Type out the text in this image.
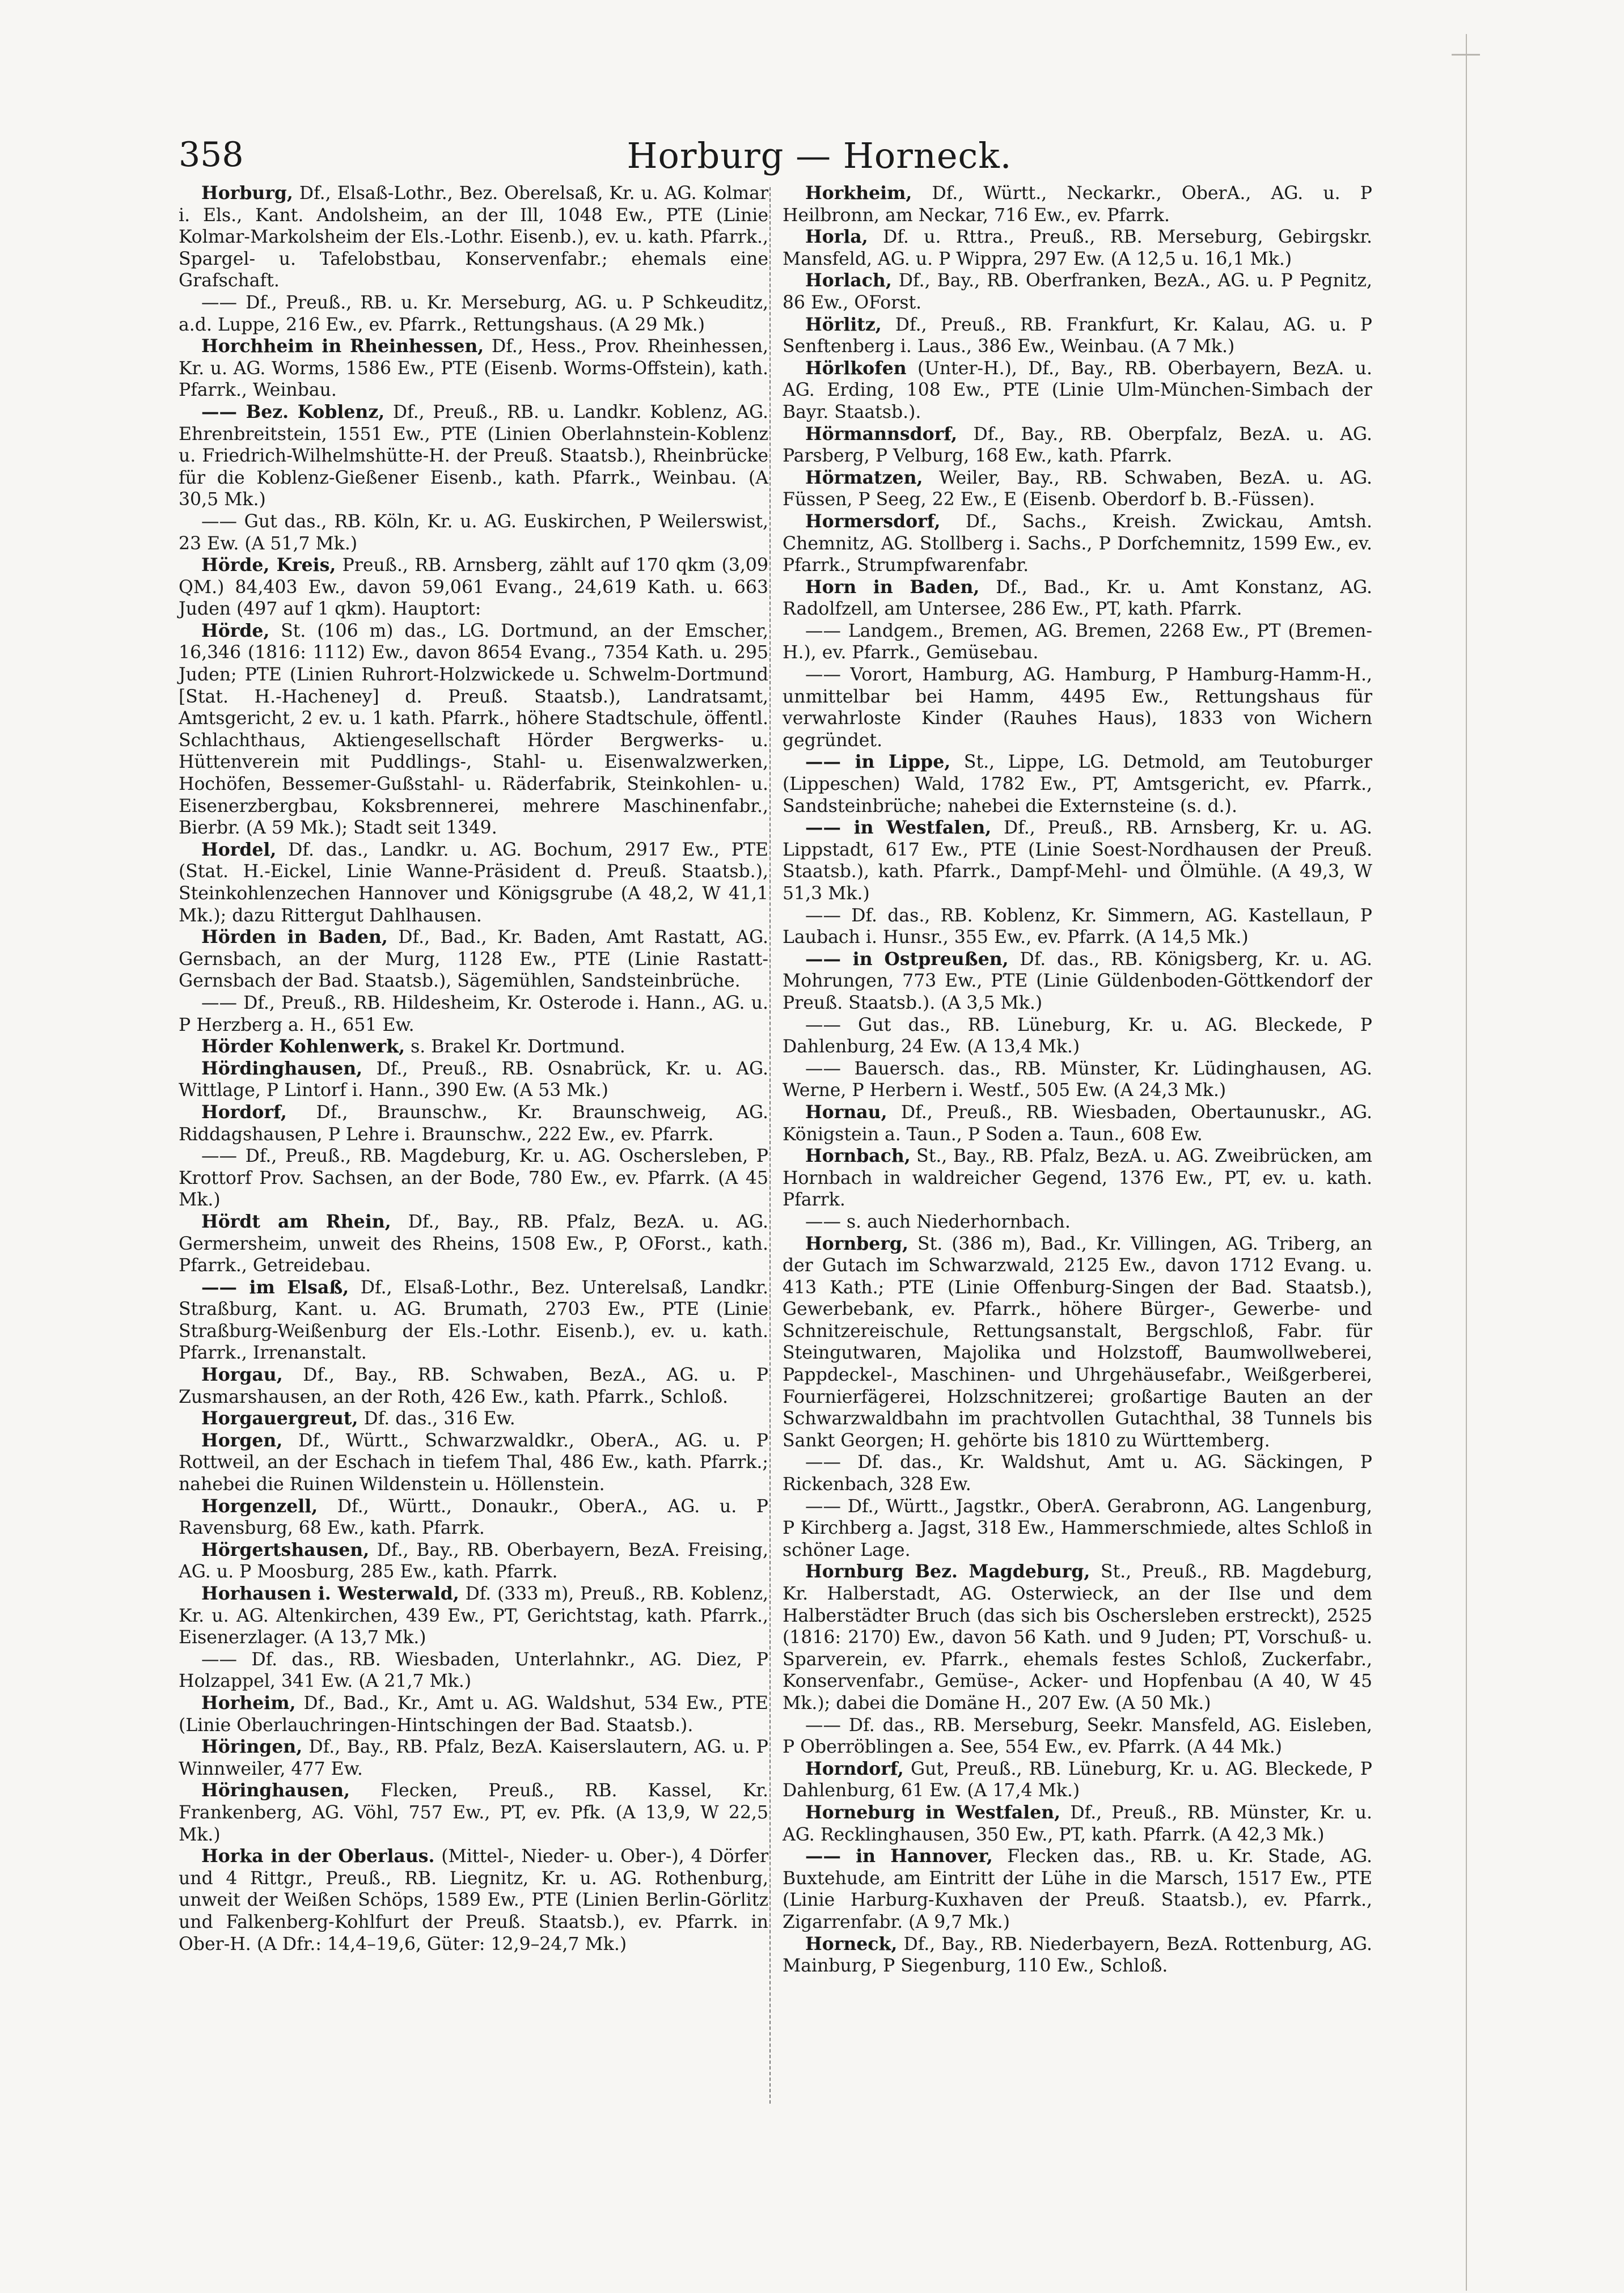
358	Horburg — Horneck.

Horburg, Df., Elsaß-Lothr., Bez. Oberelsaß, Kr. u. AG. Kolmar i. Els., Kant. Andolsheim, an der Ill, 1048 Ew., PTE (Linie Kolmar-Markolsheim der Els.-Lothr. Eisenb.), ev. u. kath. Pfarrk., Spargel- u. Tafelobstbau, Konservenfabr.; ehemals eine Grafschaft.

—— Df., Preuß., RB. u. Kr. Merseburg, AG. u. P Schkeuditz, a.d. Luppe, 216 Ew., ev. Pfarrk., Rettungshaus. (A 29 Mk.)

Horchheim in Rheinhessen, Df., Hess., Prov. Rheinhessen, Kr. u. AG. Worms, 1586 Ew., PTE (Eisenb. Worms-Offstein), kath. Pfarrk., Weinbau.

—— Bez. Koblenz, Df., Preuß., RB. u. Landkr. Koblenz, AG. Ehrenbreitstein, 1551 Ew., PTE (Linien Oberlahnstein-Koblenz u. Friedrich-Wilhelmshütte-H. der Preuß. Staatsb.), Rheinbrücke für die Koblenz-Gießener Eisenb., kath. Pfarrk., Weinbau. (A 30,5 Mk.)

—— Gut das., RB. Köln, Kr. u. AG. Euskirchen, P Weilerswist, 23 Ew. (A 51,7 Mk.)

Hörde, Kreis, Preuß., RB. Arnsberg, zählt auf 170 qkm (3,09 QM.) 84,403 Ew., davon 59,061 Evang., 24,619 Kath. u. 663 Juden (497 auf 1 qkm). Hauptort:

Hörde, St. (106 m) das., LG. Dortmund, an der Emscher, 16,346 (1816: 1112) Ew., davon 8654 Evang., 7354 Kath. u. 295 Juden; PTE (Linien Ruhrort-Holzwickede u. Schwelm-Dortmund [Stat. H.-Hacheney] d. Preuß. Staatsb.), Landratsamt, Amtsgericht, 2 ev. u. 1 kath. Pfarrk., höhere Stadtschule, öffentl. Schlachthaus, Aktiengesellschaft Hörder Bergwerks- u. Hüttenverein mit Puddlings-, Stahl- u. Eisenwalzwerken, Hochöfen, Bessemer-Gußstahl- u. Räderfabrik, Steinkohlen- u. Eisenerzbergbau, Koksbrennerei, mehrere Maschinenfabr., Bierbr. (A 59 Mk.); Stadt seit 1349.

Hordel, Df. das., Landkr. u. AG. Bochum, 2917 Ew., PTE (Stat. H.-Eickel, Linie Wanne-Präsident d. Preuß. Staatsb.), Steinkohlenzechen Hannover und Königsgrube (A 48,2, W 41,1 Mk.); dazu Rittergut Dahlhausen.

Hörden in Baden, Df., Bad., Kr. Baden, Amt Rastatt, AG. Gernsbach, an der Murg, 1128 Ew., PTE (Linie Rastatt-Gernsbach der Bad. Staatsb.), Sägemühlen, Sandsteinbrüche.

—— Df., Preuß., RB. Hildesheim, Kr. Osterode i. Hann., AG. u. P Herzberg a. H., 651 Ew.

Hörder Kohlenwerk, s. Brakel Kr. Dortmund.

Hördinghausen, Df., Preuß., RB. Osnabrück, Kr. u. AG. Wittlage, P Lintorf i. Hann., 390 Ew. (A 53 Mk.)

Hordorf, Df., Braunschw., Kr. Braunschweig, AG. Riddagshausen, P Lehre i. Braunschw., 222 Ew., ev. Pfarrk.

—— Df., Preuß., RB. Magdeburg, Kr. u. AG. Oschersleben, P Krottorf Prov. Sachsen, an der Bode, 780 Ew., ev. Pfarrk. (A 45 Mk.)

Hördt am Rhein, Df., Bay., RB. Pfalz, BezA. u. AG. Germersheim, unweit des Rheins, 1508 Ew., P, OForst., kath. Pfarrk., Getreidebau.

—— im Elsaß, Df., Elsaß-Lothr., Bez. Unterelsaß, Landkr. Straßburg, Kant. u. AG. Brumath, 2703 Ew., PTE (Linie Straßburg-Weißenburg der Els.-Lothr. Eisenb.), ev. u. kath. Pfarrk., Irrenanstalt.

Horgau, Df., Bay., RB. Schwaben, BezA., AG. u. P Zusmarshausen, an der Roth, 426 Ew., kath. Pfarrk., Schloß.

Horgauergreut, Df. das., 316 Ew.

Horgen, Df., Württ., Schwarzwaldkr., OberA., AG. u. P Rottweil, an der Eschach in tiefem Thal, 486 Ew., kath. Pfarrk.; nahebei die Ruinen Wildenstein u. Höllenstein.

Horgenzell, Df., Württ., Donaukr., OberA., AG. u. P Ravensburg, 68 Ew., kath. Pfarrk.

Hörgertshausen, Df., Bay., RB. Oberbayern, BezA. Freising, AG. u. P Moosburg, 285 Ew., kath. Pfarrk.

Horhausen i. Westerwald, Df. (333 m), Preuß., RB. Koblenz, Kr. u. AG. Altenkirchen, 439 Ew., PT, Gerichtstag, kath. Pfarrk., Eisenerzlager. (A 13,7 Mk.)

—— Df. das., RB. Wiesbaden, Unterlahnkr., AG. Diez, P Holzappel, 341 Ew. (A 21,7 Mk.)

Horheim, Df., Bad., Kr., Amt u. AG. Waldshut, 534 Ew., PTE (Linie Oberlauchringen-Hintschingen der Bad. Staatsb.).

Höringen, Df., Bay., RB. Pfalz, BezA. Kaiserslautern, AG. u. P Winnweiler, 477 Ew.

Höringhausen, Flecken, Preuß., RB. Kassel, Kr. Frankenberg, AG. Vöhl, 757 Ew., PT, ev. Pfk. (A 13,9, W 22,5 Mk.)

Horka in der Oberlaus. (Mittel-, Nieder- u. Ober-), 4 Dörfer und 4 Rittgr., Preuß., RB. Liegnitz, Kr. u. AG. Rothenburg, unweit der Weißen Schöps, 1589 Ew., PTE (Linien Berlin-Görlitz und Falkenberg-Kohlfurt der Preuß. Staatsb.), ev. Pfarrk. in Ober-H. (A Dfr.: 14,4–19,6, Güter: 12,9–24,7 Mk.)

Horkheim, Df., Württ., Neckarkr., OberA., AG. u. P Heilbronn, am Neckar, 716 Ew., ev. Pfarrk.

Horla, Df. u. Rttra., Preuß., RB. Merseburg, Gebirgskr. Mansfeld, AG. u. P Wippra, 297 Ew. (A 12,5 u. 16,1 Mk.)

Horlach, Df., Bay., RB. Oberfranken, BezA., AG. u. P Pegnitz, 86 Ew., OForst.

Hörlitz, Df., Preuß., RB. Frankfurt, Kr. Kalau, AG. u. P Senftenberg i. Laus., 386 Ew., Weinbau. (A 7 Mk.)

Hörlkofen (Unter-H.), Df., Bay., RB. Oberbayern, BezA. u. AG. Erding, 108 Ew., PTE (Linie Ulm-München-Simbach der Bayr. Staatsb.).

Hörmannsdorf, Df., Bay., RB. Oberpfalz, BezA. u. AG. Parsberg, P Velburg, 168 Ew., kath. Pfarrk.

Hörmatzen, Weiler, Bay., RB. Schwaben, BezA. u. AG. Füssen, P Seeg, 22 Ew., E (Eisenb. Oberdorf b. B.-Füssen).

Hormersdorf, Df., Sachs., Kreish. Zwickau, Amtsh. Chemnitz, AG. Stollberg i. Sachs., P Dorfchemnitz, 1599 Ew., ev. Pfarrk., Strumpfwarenfabr.

Horn in Baden, Df., Bad., Kr. u. Amt Konstanz, AG. Radolfzell, am Untersee, 286 Ew., PT, kath. Pfarrk.

—— Landgem., Bremen, AG. Bremen, 2268 Ew., PT (Bremen-H.), ev. Pfarrk., Gemüsebau.

—— Vorort, Hamburg, AG. Hamburg, P Hamburg-Hamm-H., unmittelbar bei Hamm, 4495 Ew., Rettungshaus für verwahrloste Kinder (Rauhes Haus), 1833 von Wichern gegründet.

—— in Lippe, St., Lippe, LG. Detmold, am Teutoburger (Lippeschen) Wald, 1782 Ew., PT, Amtsgericht, ev. Pfarrk., Sandsteinbrüche; nahebei die Externsteine (s. d.).

—— in Westfalen, Df., Preuß., RB. Arnsberg, Kr. u. AG. Lippstadt, 617 Ew., PTE (Linie Soest-Nordhausen der Preuß. Staatsb.), kath. Pfarrk., Dampf-Mehl- und Ölmühle. (A 49,3, W 51,3 Mk.)

—— Df. das., RB. Koblenz, Kr. Simmern, AG. Kastellaun, P Laubach i. Hunsr., 355 Ew., ev. Pfarrk. (A 14,5 Mk.)

—— in Ostpreußen, Df. das., RB. Königsberg, Kr. u. AG. Mohrungen, 773 Ew., PTE (Linie Güldenboden-Göttkendorf der Preuß. Staatsb.). (A 3,5 Mk.)

—— Gut das., RB. Lüneburg, Kr. u. AG. Bleckede, P Dahlenburg, 24 Ew. (A 13,4 Mk.)

—— Bauersch. das., RB. Münster, Kr. Lüdinghausen, AG. Werne, P Herbern i. Westf., 505 Ew. (A 24,3 Mk.)

Hornau, Df., Preuß., RB. Wiesbaden, Obertaunuskr., AG. Königstein a. Taun., P Soden a. Taun., 608 Ew.

Hornbach, St., Bay., RB. Pfalz, BezA. u. AG. Zweibrücken, am Hornbach in waldreicher Gegend, 1376 Ew., PT, ev. u. kath. Pfarrk.

—— s. auch Niederhornbach.

Hornberg, St. (386 m), Bad., Kr. Villingen, AG. Triberg, an der Gutach im Schwarzwald, 2125 Ew., davon 1712 Evang. u. 413 Kath.; PTE (Linie Offenburg-Singen der Bad. Staatsb.), Gewerbebank, ev. Pfarrk., höhere Bürger-, Gewerbe- und Schnitzereischule, Rettungsanstalt, Bergschloß, Fabr. für Steingutwaren, Majolika und Holzstoff, Baumwollweberei, Pappdeckel-, Maschinen- und Uhrgehäusefabr., Weißgerberei, Fournierfägerei, Holzschnitzerei; großartige Bauten an der Schwarzwaldbahn im prachtvollen Gutachthal, 38 Tunnels bis Sankt Georgen; H. gehörte bis 1810 zu Württemberg.

—— Df. das., Kr. Waldshut, Amt u. AG. Säckingen, P Rickenbach, 328 Ew.

—— Df., Württ., Jagstkr., OberA. Gerabronn, AG. Langenburg, P Kirchberg a. Jagst, 318 Ew., Hammerschmiede, altes Schloß in schöner Lage.

Hornburg Bez. Magdeburg, St., Preuß., RB. Magdeburg, Kr. Halberstadt, AG. Osterwieck, an der Ilse und dem Halberstädter Bruch (das sich bis Oschersleben erstreckt), 2525 (1816: 2170) Ew., davon 56 Kath. und 9 Juden; PT, Vorschuß- u. Sparverein, ev. Pfarrk., ehemals festes Schloß, Zuckerfabr., Konservenfabr., Gemüse-, Acker- und Hopfenbau (A 40, W 45 Mk.); dabei die Domäne H., 207 Ew. (A 50 Mk.)

—— Df. das., RB. Merseburg, Seekr. Mansfeld, AG. Eisleben, P Oberröblingen a. See, 554 Ew., ev. Pfarrk. (A 44 Mk.)

Horndorf, Gut, Preuß., RB. Lüneburg, Kr. u. AG. Bleckede, P Dahlenburg, 61 Ew. (A 17,4 Mk.)

Horneburg in Westfalen, Df., Preuß., RB. Münster, Kr. u. AG. Recklinghausen, 350 Ew., PT, kath. Pfarrk. (A 42,3 Mk.)

—— in Hannover, Flecken das., RB. u. Kr. Stade, AG. Buxtehude, am Eintritt der Lühe in die Marsch, 1517 Ew., PTE (Linie Harburg-Kuxhaven der Preuß. Staatsb.), ev. Pfarrk., Zigarrenfabr. (A 9,7 Mk.)

Horneck, Df., Bay., RB. Niederbayern, BezA. Rottenburg, AG. Mainburg, P Siegenburg, 110 Ew., Schloß.
